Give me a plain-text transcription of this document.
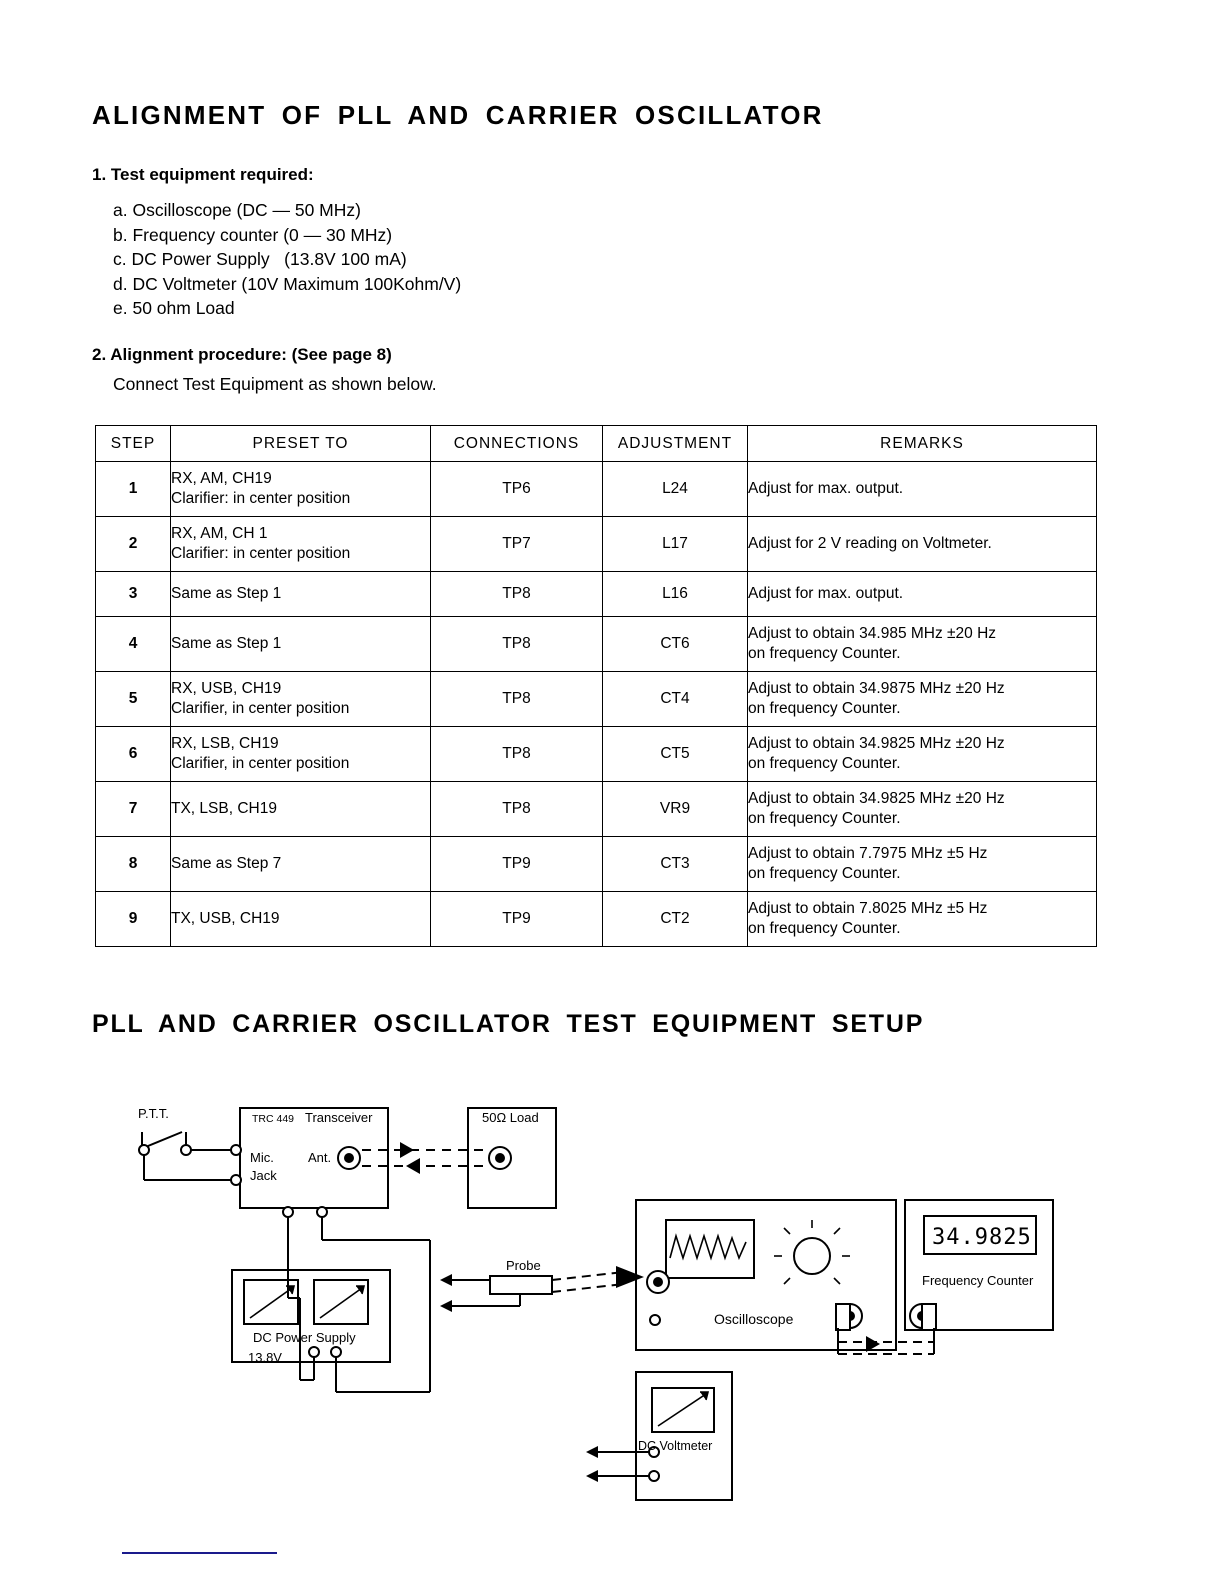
ALIGNMENT OF PLL AND CARRIER OSCILLATOR
1. Test equipment required:
a. Oscilloscope (DC — 50 MHz)
b. Frequency counter (0 — 30 MHz)
c. DC Power Supply   (13.8V 100 mA)
d. DC Voltmeter (10V Maximum 100Kohm/V)
e. 50 ohm Load
2. Alignment procedure: (See page 8)
Connect Test Equipment as shown below.
STEP	PRESET TO	CONNECTIONS	ADJUSTMENT	REMARKS
1	RX, AM, CH19
Clarifier: in center position	TP6	L24	Adjust for max. output.

2	RX, AM, CH 1
Clarifier: in center position	TP7	L17	Adjust for 2 V reading on Voltmeter.

3	Same as Step 1	TP8	L16	Adjust for max. output.

4	Same as Step 1	TP8	CT6	Adjust to obtain 34.985 MHz ±20 Hz
on frequency Counter.

5	RX, USB, CH19
Clarifier, in center position	TP8	CT4	Adjust to obtain 34.9875 MHz ±20 Hz
on frequency Counter.

6	RX, LSB, CH19
Clarifier, in center position	TP8	CT5	Adjust to obtain 34.9825 MHz ±20 Hz
on frequency Counter.

7	TX, LSB, CH19	TP8	VR9	Adjust to obtain 34.9825 MHz ±20 Hz
on frequency Counter.

8	Same as Step 7	TP9	CT3	Adjust to obtain 7.7975 MHz ±5 Hz
on frequency Counter.

9	TX, USB, CH19	TP9	CT2	Adjust to obtain 7.8025 MHz ±5 Hz
on frequency Counter.
PLL AND CARRIER OSCILLATOR TEST EQUIPMENT SETUP
P.T.T.	TRC 449 Transceiver
Mic.
Jack
Ant.
50Ω Load
DC Power Supply
13.8V
Probe
Oscilloscope
Frequency Counter
34.9825
DC Voltmeter
